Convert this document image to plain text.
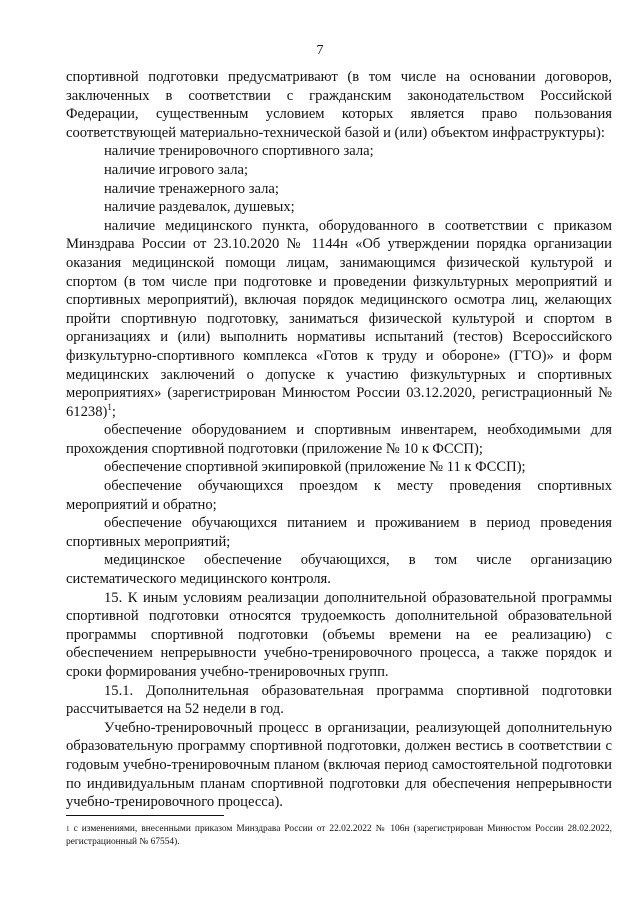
7

спортивной подготовки предусматривают (в том числе на основании договоров, заключенных в соответствии с гражданским законодательством Российской Федерации, существенным условием которых является право пользования соответствующей материально-технической базой и (или) объектом инфраструктуры):

наличие тренировочного спортивного зала;

наличие игрового зала;

наличие тренажерного зала;

наличие раздевалок, душевых;

наличие медицинского пункта, оборудованного в соответствии с приказом Минздрава России от 23.10.2020 № 1144н «Об утверждении порядка организации оказания медицинской помощи лицам, занимающимся физической культурой и спортом (в том числе при подготовке и проведении физкультурных мероприятий и спортивных мероприятий), включая порядок медицинского осмотра лиц, желающих пройти спортивную подготовку, заниматься физической культурой и спортом в организациях и (или) выполнить нормативы испытаний (тестов) Всероссийского физкультурно-спортивного комплекса «Готов к труду и обороне» (ГТО)» и форм медицинских заключений о допуске к участию физкультурных и спортивных мероприятиях» (зарегистрирован Минюстом России 03.12.2020, регистрационный № 61238)$^1$;

обеспечение оборудованием и спортивным инвентарем, необходимыми для прохождения спортивной подготовки (приложение № 10 к ФССП);

обеспечение спортивной экипировкой (приложение № 11 к ФССП);

обеспечение обучающихся проездом к месту проведения спортивных мероприятий и обратно;

обеспечение обучающихся питанием и проживанием в период проведения спортивных мероприятий;

медицинское обеспечение обучающихся, в том числе организацию систематического медицинского контроля.

15. К иным условиям реализации дополнительной образовательной программы спортивной подготовки относятся трудоемкость дополнительной образовательной программы спортивной подготовки (объемы времени на ее реализацию) с обеспечением непрерывности учебно-тренировочного процесса, а также порядок и сроки формирования учебно-тренировочных групп.

15.1. Дополнительная образовательная программа спортивной подготовки рассчитывается на 52 недели в год.

Учебно-тренировочный процесс в организации, реализующей дополнительную образовательную программу спортивной подготовки, должен вестись в соответствии с годовым учебно-тренировочным планом (включая период самостоятельной подготовки по индивидуальным планам спортивной подготовки для обеспечения непрерывности учебно-тренировочного процесса).

$^1$ с изменениями, внесенными приказом Минздрава России от 22.02.2022 № 106н (зарегистрирован Минюстом России 28.02.2022, регистрационный № 67554).
